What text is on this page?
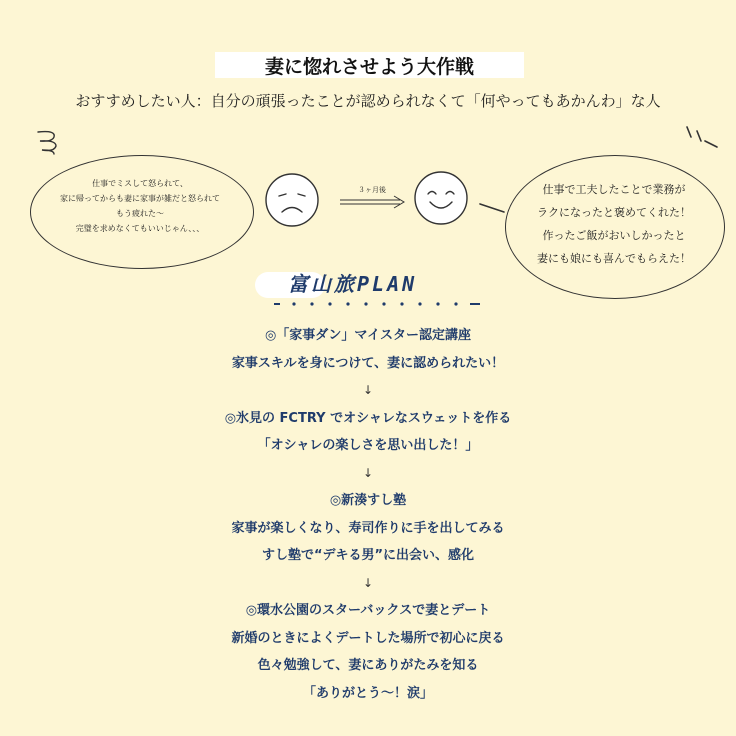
妻に惚れさせよう大作戦
おすすめしたい人：自分の頑張ったことが認められなくて「何やってもあかんわ」な人
仕事でミスして怒られて、
家に帰ってからも妻に家事が雑だと怒られて
もう疲れた〜
完璧を求めなくてもいいじゃん、、、
３ヶ月後	仕事で工夫したことで業務が
ラクになったと褒めてくれた！
作ったご飯がおいしかったと
妻にも娘にも喜んでもらえた！
富山旅PLAN
◎「家事ダン」マイスター認定講座
家事スキルを身につけて、妻に認められたい！
↓
◎氷見の FCTRY でオシャレなスウェットを作る
「オシャレの楽しさを思い出した！」
↓
◎新湊すし塾
家事が楽しくなり、寿司作りに手を出してみる
すし塾で“デキる男”に出会い、感化
↓
◎環水公園のスターバックスで妻とデート
新婚のときによくデートした場所で初心に戻る
色々勉強して、妻にありがたみを知る
「ありがとう〜！涙」
